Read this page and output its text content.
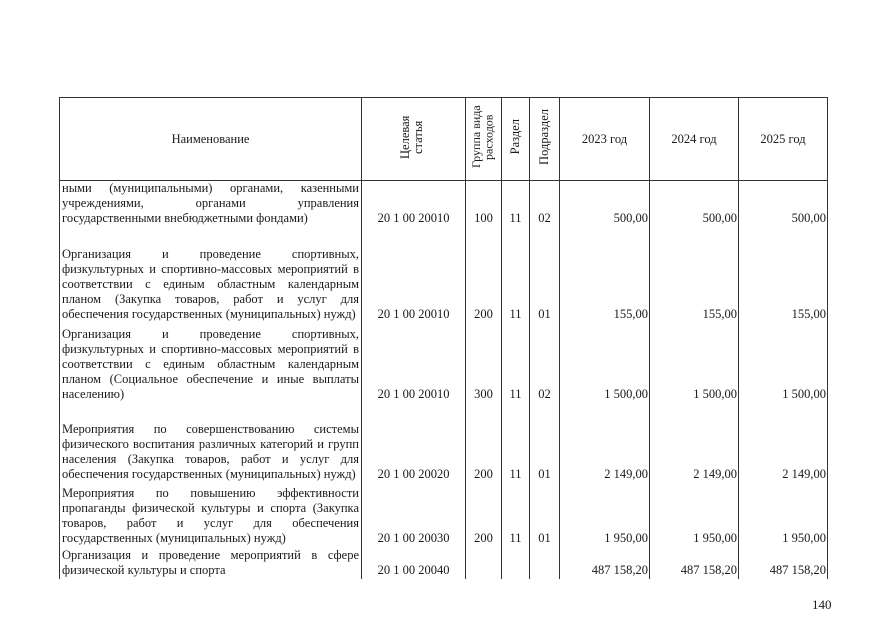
Наименование	Целевая статья	Группа вида расходов	Раздел	Подраздел	2023 год	2024 год	2025 год
ными (муниципальными) органами, казенными учреждениями, органами управления государственными внебюджетными фондами)	20 1 00 20010	100	11	02	500,00	500,00	500,00
Организация и проведение спортивных, физкультурных и спортивно-массовых мероприятий в соответствии с единым областным календарным планом (Закупка товаров, работ и услуг для обеспечения государственных (муниципальных) нужд)	20 1 00 20010	200	11	01	155,00	155,00	155,00
Организация и проведение спортивных, физкультурных и спортивно-массовых мероприятий в соответствии с единым областным календарным планом (Социальное обеспечение и иные выплаты населению)	20 1 00 20010	300	11	02	1 500,00	1 500,00	1 500,00
Мероприятия по совершенствованию системы физического воспитания различных категорий и групп населения (Закупка товаров, работ и услуг для обеспечения государственных (муниципальных) нужд)	20 1 00 20020	200	11	01	2 149,00	2 149,00	2 149,00
Мероприятия по повышению эффективности пропаганды физической культуры и спорта (Закупка товаров, работ и услуг для обеспечения государственных (муниципальных) нужд)	20 1 00 20030	200	11	01	1 950,00	1 950,00	1 950,00
Организация и проведение мероприятий в сфере физической культуры и спорта	20 1 00 20040				487 158,20	487 158,20	487 158,20
140
